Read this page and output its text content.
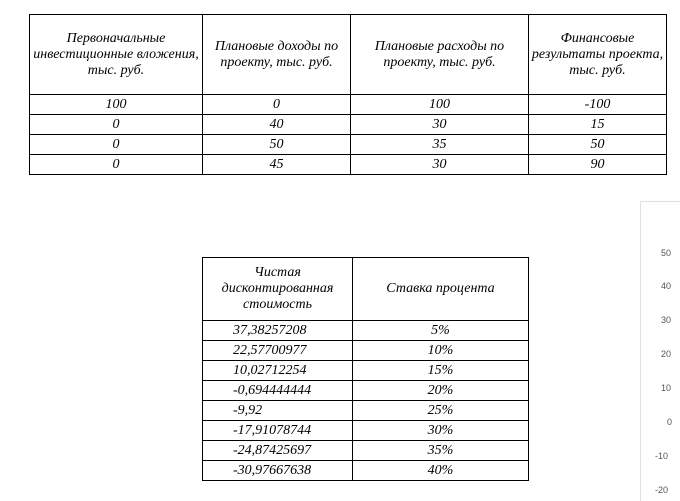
Первоначальные инвестиционные вложения, тыс. руб.	Плановые доходы по проекту, тыс. руб.	Плановые расходы по проекту, тыс. руб.	Финансовые результаты проекта, тыс. руб.
100	0	100	-100
0	40	30	15
0	50	35	50
0	45	30	90
Чистая дисконтированная стоимость	Ставка процента
37,38257208	5%
22,57700977	10%
10,02712254	15%
-0,694444444	20%
-9,92	25%
-17,91078744	30%
-24,87425697	35%
-30,97667638	40%
50
40
30
20
10
0
-10
-20
